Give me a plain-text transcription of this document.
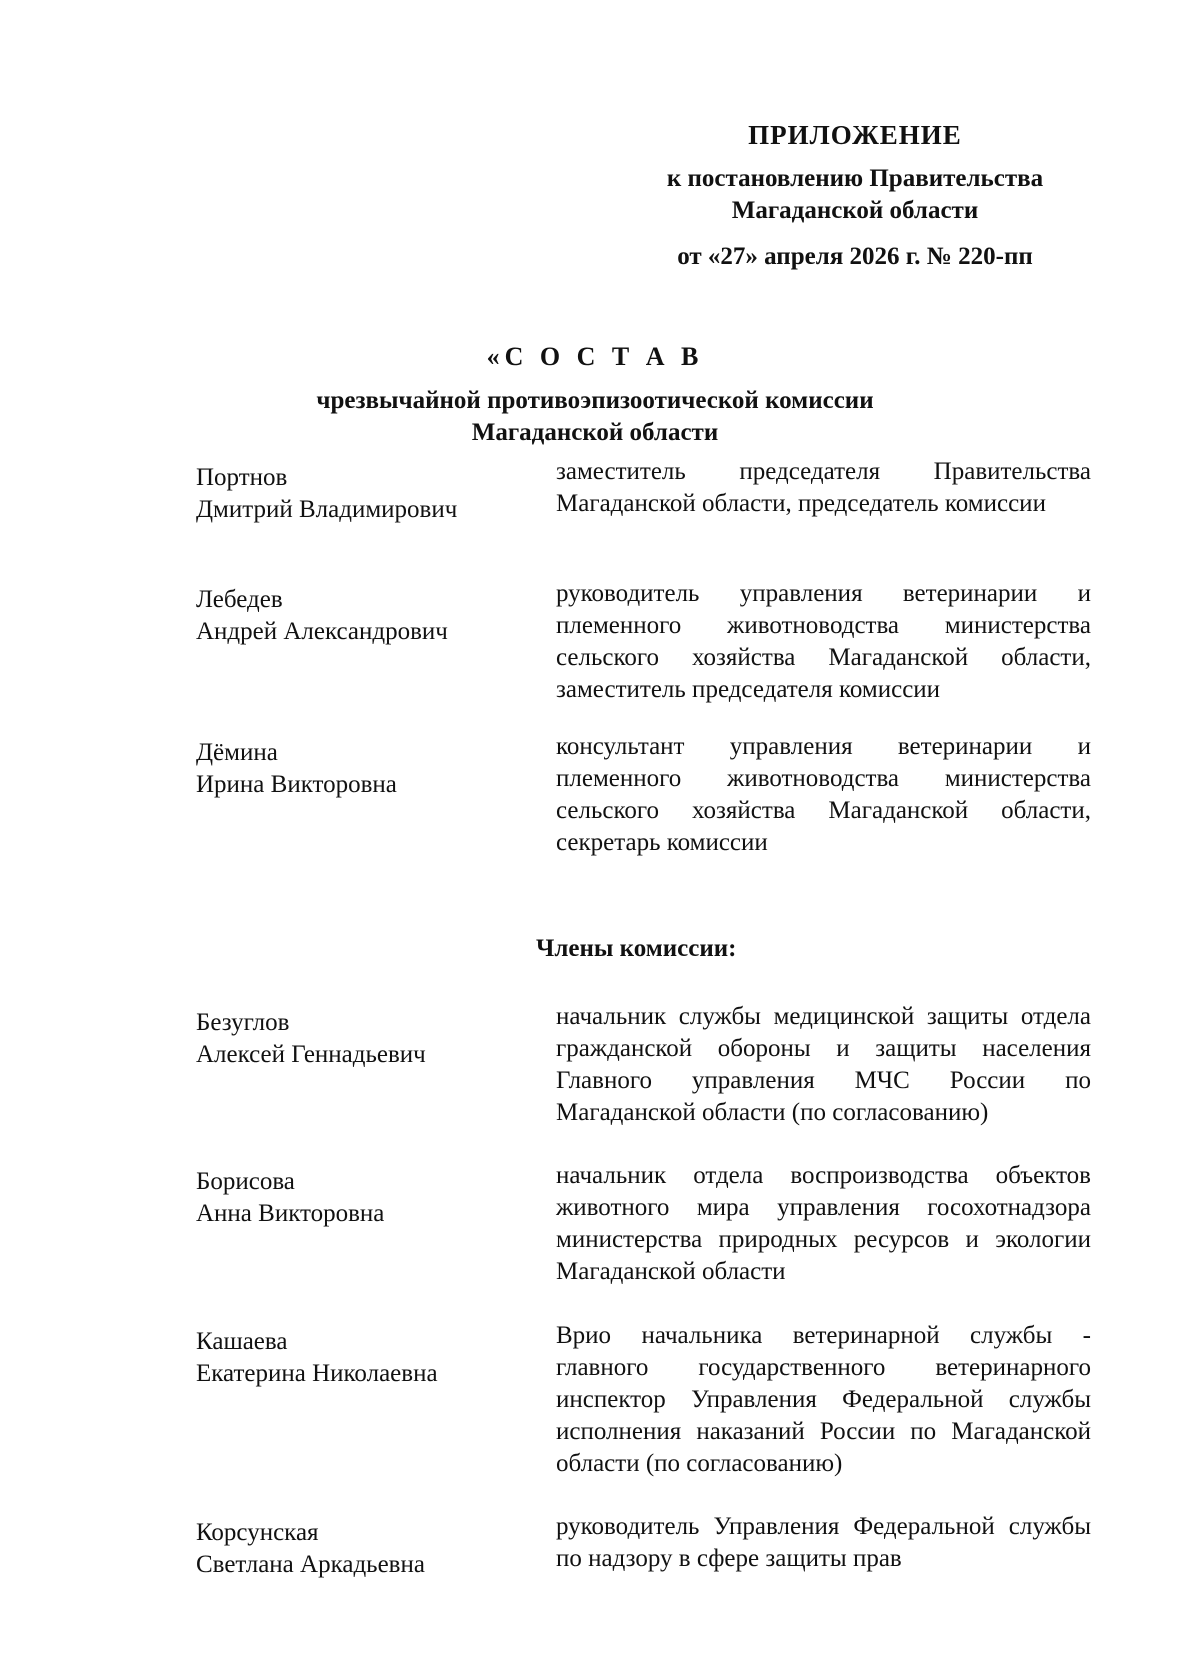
ПРИЛОЖЕНИЕ
к постановлению Правительства
Магаданской области
от «27» апреля 2026 г. № 220-пп
«С О С Т А В
чрезвычайной противоэпизоотической комиссии
Магаданской области
Портнов
Дмитрий Владимирович
заместитель председателя Правительства Магаданской области, председатель комиссии
Лебедев
Андрей Александрович
руководитель управления ветеринарии и племенного животноводства министерства сельского хозяйства Магаданской области, заместитель председателя комиссии
Дёмина
Ирина Викторовна
консультант управления ветеринарии и племенного животноводства министерства сельского хозяйства Магаданской области, секретарь комиссии
Члены комиссии:
Безуглов
Алексей Геннадьевич
начальник службы медицинской защиты отдела гражданской обороны и защиты населения Главного управления МЧС России по Магаданской области (по согласованию)
Борисова
Анна Викторовна
начальник отдела воспроизводства объектов животного мира управления госохотнадзора министерства природных ресурсов и экологии Магаданской области
Кашаева
Екатерина Николаевна
Врио начальника ветеринарной службы - главного государственного ветеринарного инспектор Управления Федеральной службы исполнения наказаний России по Магаданской области (по согласованию)
Корсунская
Светлана Аркадьевна
руководитель Управления Федеральной службы по надзору в сфере защиты прав
